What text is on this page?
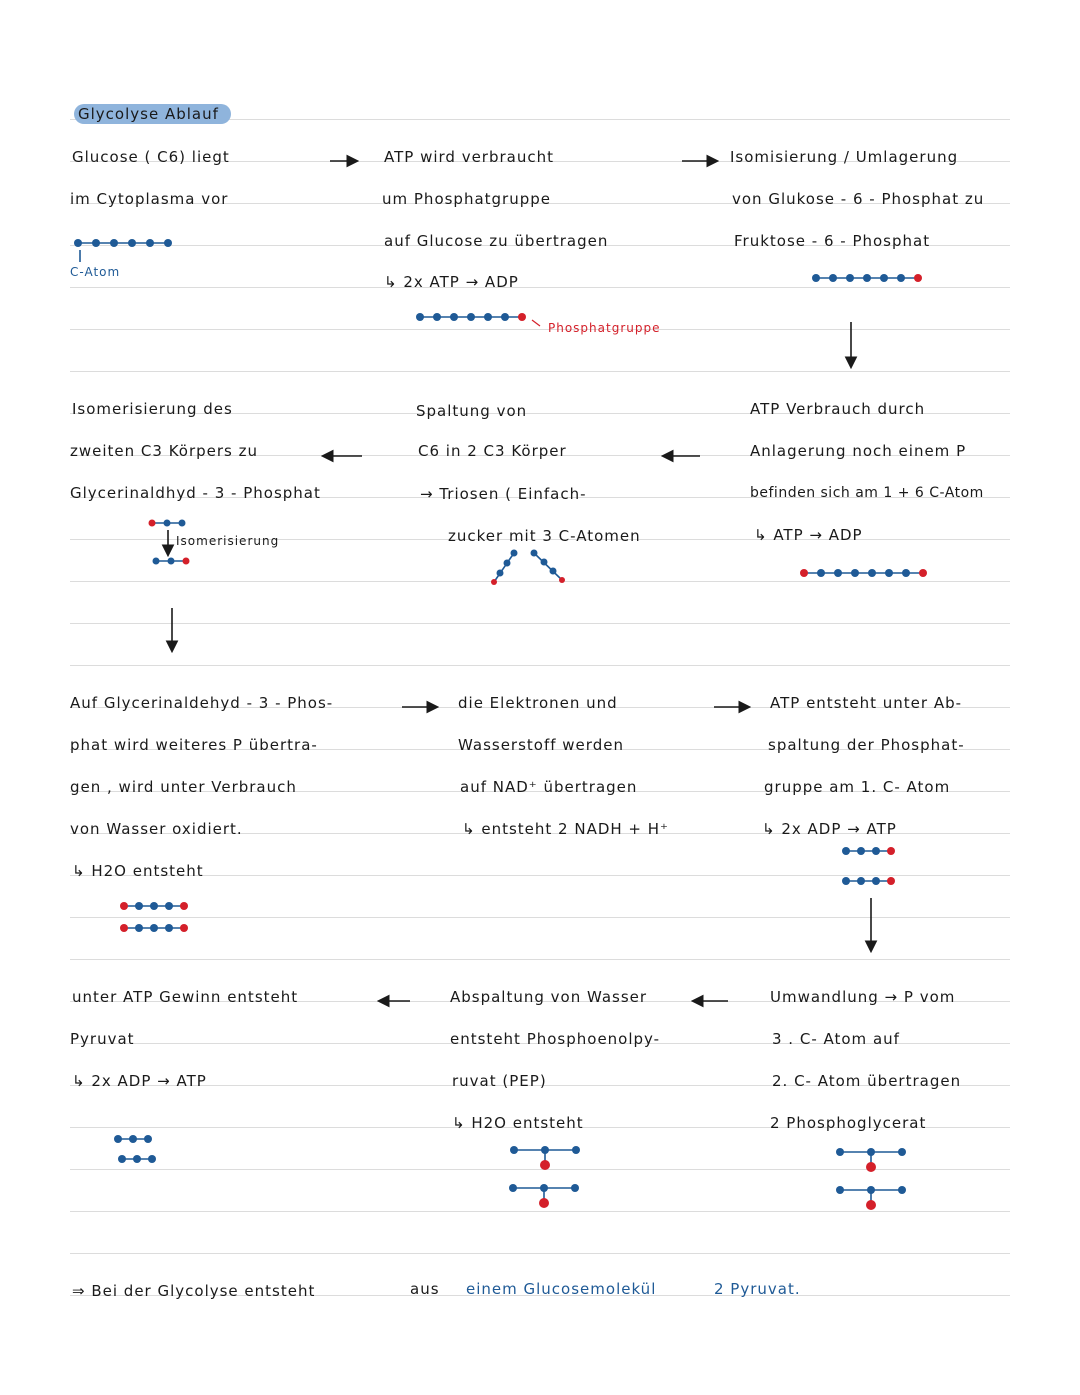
Glycolyse Ablauf
Glucose ( C6) liegt
im Cytoplasma vor
C-Atom
ATP wird verbraucht
um Phosphatgruppe
auf Glucose zu übertragen
↳ 2x ATP → ADP
Phosphatgruppe
Isomisierung / Umlagerung
von Glukose - 6 - Phosphat zu
Fruktose - 6 - Phosphat
Isomerisierung des
zweiten C3 Körpers zu
Glycerinaldhyd - 3 - Phosphat
Isomerisierung
Spaltung von
C6 in 2 C3 Körper
→ Triosen ( Einfach-
zucker mit 3 C-Atomen
ATP Verbrauch durch
Anlagerung noch einem P
befinden sich am 1 + 6 C-Atom
↳ ATP → ADP
Auf Glycerinaldehyd - 3 - Phos-
phat wird weiteres P übertra-
gen , wird unter Verbrauch
von Wasser oxidiert.
↳ H2O entsteht
die Elektronen und
Wasserstoff werden
auf NAD⁺ übertragen
↳ entsteht 2 NADH + H⁺
ATP entsteht unter Ab-
spaltung der Phosphat-
gruppe am 1. C- Atom
↳ 2x ADP → ATP
unter ATP Gewinn entsteht
Pyruvat
↳ 2x ADP → ATP
Abspaltung von Wasser
entsteht Phosphoenolpy-
ruvat (PEP)
↳ H2O entsteht
Umwandlung → P vom
3 . C- Atom auf
2. C- Atom übertragen
2 Phosphoglycerat
⇒ Bei der Glycolyse entsteht	aus einem Glucosemolekül	2 Pyruvat.
